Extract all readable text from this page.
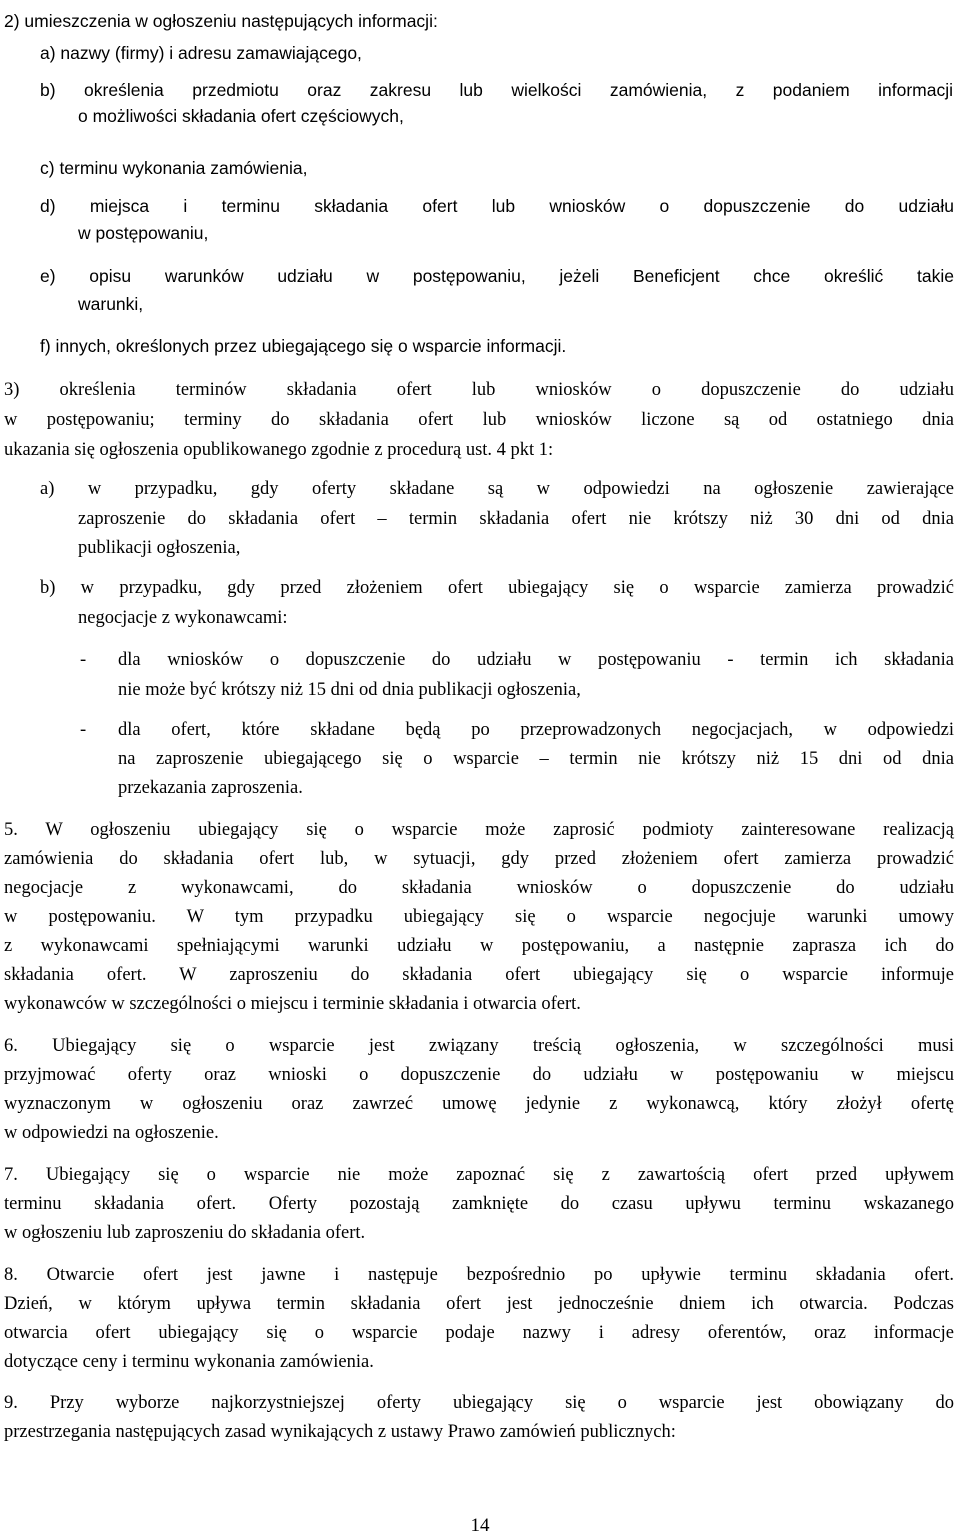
2) umieszczenia w ogłoszeniu następujących informacji:

a) nazwy (firmy) i adresu zamawiającego,

b) określenia przedmiotu oraz zakresu lub wielkości zamówienia, z podaniem informacji

o możliwości składania ofert częściowych,

c) terminu wykonania zamówienia,

d) miejsca i terminu składania ofert lub wniosków o dopuszczenie do udziału

w postępowaniu,

e) opisu warunków udziału w postępowaniu, jeżeli Beneficjent chce określić takie

warunki,

f) innych, określonych przez ubiegającego się o wsparcie informacji.

3) określenia terminów składania ofert lub wniosków o dopuszczenie do udziału

w postępowaniu; terminy do składania ofert lub wniosków liczone są od ostatniego dnia

ukazania się ogłoszenia opublikowanego zgodnie z procedurą ust. 4 pkt 1:

a) w przypadku, gdy oferty składane są w odpowiedzi na ogłoszenie zawierające

zaproszenie do składania ofert – termin składania ofert nie krótszy niż 30 dni od dnia

publikacji ogłoszenia,

b) w przypadku, gdy przed złożeniem ofert ubiegający się o wsparcie zamierza prowadzić

negocjacje z wykonawcami:

- dla wniosków o dopuszczenie do udziału w postępowaniu - termin ich składania

nie może być krótszy niż 15 dni od dnia publikacji ogłoszenia,

- dla ofert, które składane będą po przeprowadzonych negocjacjach, w odpowiedzi

na zaproszenie ubiegającego się o wsparcie – termin nie krótszy niż 15 dni od dnia

przekazania zaproszenia.

5. W ogłoszeniu ubiegający się o wsparcie może zaprosić podmioty zainteresowane realizacją

zamówienia do składania ofert lub, w sytuacji, gdy przed złożeniem ofert zamierza prowadzić

negocjacje z wykonawcami, do składania wniosków o dopuszczenie do udziału

w postępowaniu. W tym przypadku ubiegający się o wsparcie negocjuje warunki umowy

z wykonawcami spełniającymi warunki udziału w postępowaniu, a następnie zaprasza ich do

składania ofert. W zaproszeniu do składania ofert ubiegający się o wsparcie informuje

wykonawców w szczególności o miejscu i terminie składania i otwarcia ofert.

6. Ubiegający się o wsparcie jest związany treścią ogłoszenia, w szczególności musi

przyjmować oferty oraz wnioski o dopuszczenie do udziału w postępowaniu w miejscu

wyznaczonym w ogłoszeniu oraz zawrzeć umowę jedynie z wykonawcą, który złożył ofertę

w odpowiedzi na ogłoszenie.

7. Ubiegający się o wsparcie nie może zapoznać się z zawartością ofert przed upływem

terminu składania ofert. Oferty pozostają zamknięte do czasu upływu terminu wskazanego

w ogłoszeniu lub zaproszeniu do składania ofert.

8. Otwarcie ofert jest jawne i następuje bezpośrednio po upływie terminu składania ofert.

Dzień, w którym upływa termin składania ofert jest jednocześnie dniem ich otwarcia. Podczas

otwarcia ofert ubiegający się o wsparcie podaje nazwy i adresy oferentów, oraz informacje

dotyczące ceny i terminu wykonania zamówienia.

9. Przy wyborze najkorzystniejszej oferty ubiegający się o wsparcie jest obowiązany do

przestrzegania następujących zasad wynikających z ustawy Prawo zamówień publicznych:

14
